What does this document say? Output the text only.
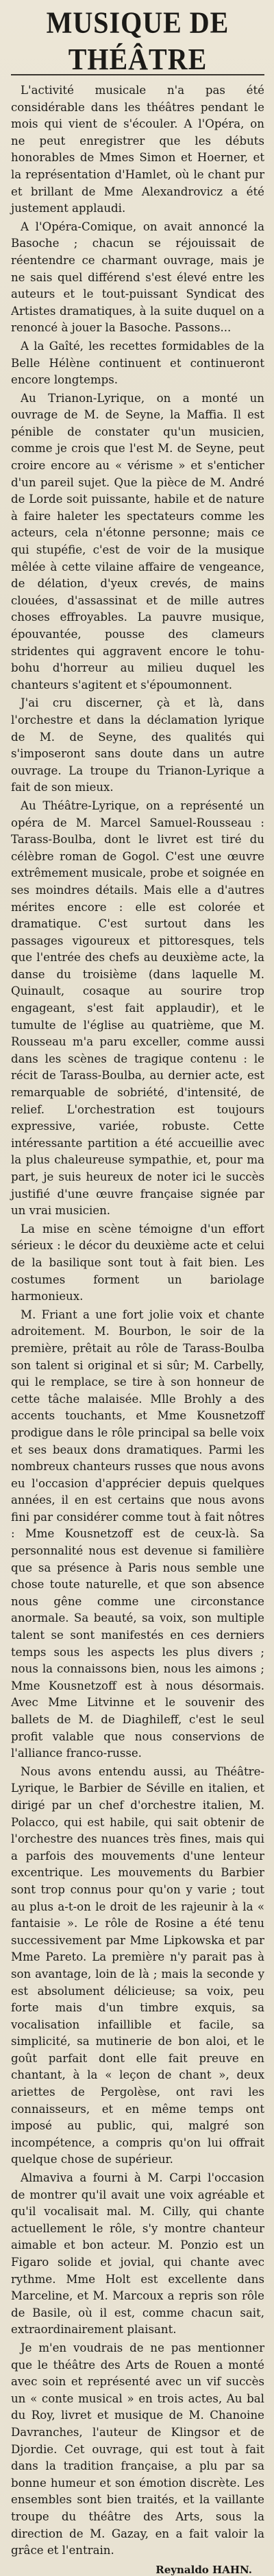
MUSIQUE DE THÉÂTRE

L'activité musicale n'a pas été considérable dans les théâtres pendant le mois qui vient de s'écouler. A l'Opéra, on ne peut enregistrer que les débuts honorables de Mmes Simon et Hoerner, et la représentation d'Hamlet, où le chant pur et brillant de Mme Alexandrovicz a été justement applaudi.

A l'Opéra-Comique, on avait annoncé la Basoche ; chacun se réjouissait de réentendre ce charmant ouvrage, mais je ne sais quel différend s'est élevé entre les auteurs et le tout-puissant Syndicat des Artistes dramatiques, à la suite duquel on a renoncé à jouer la Basoche. Passons...

A la Gaîté, les recettes formidables de la Belle Hélène continuent et continueront encore longtemps.

Au Trianon-Lyrique, on a monté un ouvrage de M. de Seyne, la Maffia. Il est pénible de constater qu'un musicien, comme je crois que l'est M. de Seyne, peut croire encore au « vérisme » et s'enticher d'un pareil sujet. Que la pièce de M. André de Lorde soit puissante, habile et de nature à faire haleter les spectateurs comme les acteurs, cela n'étonne personne; mais ce qui stupéfie, c'est de voir de la musique mêlée à cette vilaine affaire de vengeance, de délation, d'yeux crevés, de mains clouées, d'assassinat et de mille autres choses effroyables. La pauvre musique, épouvantée, pousse des clameurs stridentes qui aggravent encore le tohu-bohu d'horreur au milieu duquel les chanteurs s'agitent et s'époumonnent.

J'ai cru discerner, çà et là, dans l'orchestre et dans la déclamation lyrique de M. de Seyne, des qualités qui s'imposeront sans doute dans un autre ouvrage. La troupe du Trianon-Lyrique a fait de son mieux.

Au Théâtre-Lyrique, on a représenté un opéra de M. Marcel Samuel-Rousseau : Tarass-Boulba, dont le livret est tiré du célèbre roman de Gogol. C'est une œuvre extrêmement musicale, probe et soignée en ses moindres détails. Mais elle a d'autres mérites encore : elle est colorée et dramatique. C'est surtout dans les passages vigoureux et pittoresques, tels que l'entrée des chefs au deuxième acte, la danse du troisième (dans laquelle M. Quinault, cosaque au sourire trop engageant, s'est fait applaudir), et le tumulte de l'église au quatrième, que M. Rousseau m'a paru exceller, comme aussi dans les scènes de tragique contenu : le récit de Tarass-Boulba, au dernier acte, est remarquable de sobriété, d'intensité, de relief. L'orchestration est toujours expressive, variée, robuste. Cette intéressante partition a été accueillie avec la plus chaleureuse sympathie, et, pour ma part, je suis heureux de noter ici le succès justifié d'une œuvre française signée par un vrai musicien.

La mise en scène témoigne d'un effort sérieux : le décor du deuxième acte et celui de la basilique sont tout à fait bien. Les costumes forment un bariolage harmonieux.

M. Friant a une fort jolie voix et chante adroitement. M. Bourbon, le soir de la première, prêtait au rôle de Tarass-Boulba son talent si original et si sûr; M. Carbelly, qui le remplace, se tire à son honneur de cette tâche malaisée. Mlle Brohly a des accents touchants, et Mme Kousnetzoff prodigue dans le rôle principal sa belle voix et ses beaux dons dramatiques. Parmi les nombreux chanteurs russes que nous avons eu l'occasion d'apprécier depuis quelques années, il en est certains que nous avons fini par considérer comme tout à fait nôtres : Mme Kousnetzoff est de ceux-là. Sa personnalité nous est devenue si familière que sa présence à Paris nous semble une chose toute naturelle, et que son absence nous gêne comme une circonstance anormale. Sa beauté, sa voix, son multiple talent se sont manifestés en ces derniers temps sous les aspects les plus divers ; nous la connaissons bien, nous les aimons ; Mme Kousnetzoff est à nous désormais. Avec Mme Litvinne et le souvenir des ballets de M. de Diaghileff, c'est le seul profit valable que nous conservions de l'alliance franco-russe.

Nous avons entendu aussi, au Théâtre-Lyrique, le Barbier de Séville en italien, et dirigé par un chef d'orchestre italien, M. Polacco, qui est habile, qui sait obtenir de l'orchestre des nuances très fines, mais qui a parfois des mouvements d'une lenteur excentrique. Les mouvements du Barbier sont trop connus pour qu'on y varie ; tout au plus a-t-on le droit de les rajeunir à la « fantaisie ». Le rôle de Rosine a été tenu successivement par Mme Lipkowska et par Mme Pareto. La première n'y parait pas à son avantage, loin de là ; mais la seconde y est absolument délicieuse; sa voix, peu forte mais d'un timbre exquis, sa vocalisation infaillible et facile, sa simplicité, sa mutinerie de bon aloi, et le goût parfait dont elle fait preuve en chantant, à la « leçon de chant », deux ariettes de Pergolèse, ont ravi les connaisseurs, et en même temps ont imposé au public, qui, malgré son incompétence, a compris qu'on lui offrait quelque chose de supérieur.

Almaviva a fourni à M. Carpi l'occasion de montrer qu'il avait une voix agréable et qu'il vocalisait mal. M. Cilly, qui chante actuellement le rôle, s'y montre chanteur aimable et bon acteur. M. Ponzio est un Figaro solide et jovial, qui chante avec rythme. Mme Holt est excellente dans Marceline, et M. Marcoux a repris son rôle de Basile, où il est, comme chacun sait, extraordinairement plaisant.

Je m'en voudrais de ne pas mentionner que le théâtre des Arts de Rouen a monté avec soin et représenté avec un vif succès un « conte musical » en trois actes, Au bal du Roy, livret et musique de M. Chanoine Davranches, l'auteur de Klingsor et de Djordie. Cet ouvrage, qui est tout à fait dans la tradition française, a plu par sa bonne humeur et son émotion discrète. Les ensembles sont bien traités, et la vaillante troupe du théâtre des Arts, sous la direction de M. Gazay, en a fait valoir la grâce et l'entrain.

Reynaldo HAHN.
